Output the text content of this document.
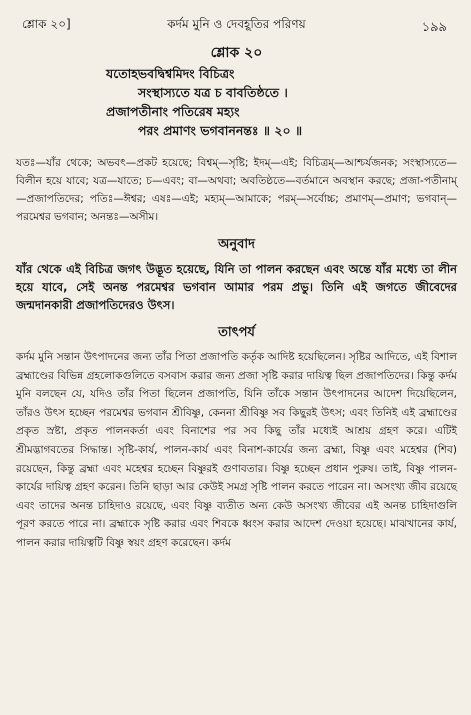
শ্লোক ২০]	কর্দম মুনি ও দেবহূতির পরিণয়	১৯৯
শ্লোক ২০
যতোহভবদ্বিশ্বমিদং বিচিত্রং
সংস্থাস্যতে যত্র চ বাবতিষ্ঠতে ।
প্রজাপতীনাং পতিরেষ মহ্যং
পরং প্রমাণং ভগবাননন্তঃ ॥ ২০ ॥

যতঃ—যাঁর থেকে; অভবৎ—প্রকট হয়েছে; বিশ্বম্—সৃষ্টি; ইদম্—এই; বিচিত্রম্—আশ্চর্যজনক; সংস্থাস্যতে—বিলীন হয়ে যাবে; যত্র—যাতে; চ—এবং; বা—অথবা; অবতিষ্ঠতে—বর্তমানে অবস্থান করছে; প্রজা-পতীনাম্—প্রজাপতিদের; পতিঃ—ঈশ্বর; এষঃ—এই; মহ্যম্—আমাকে; পরম্—সর্বোচ্চ; প্রমাণম্—প্রমাণ; ভগবান্—পরমেশ্বর ভগবান; অনন্তঃ—অসীম।

অনুবাদ

যাঁর থেকে এই বিচিত্র জগৎ উদ্ভূত হয়েছে, যিনি তা পালন করছেন এবং অন্তে যাঁর মধ্যে তা লীন হয়ে যাবে, সেই অনন্ত পরমেশ্বর ভগবান আমার পরম প্রভু। তিনি এই জগতে জীবেদের জন্মদানকারী প্রজাপতিদেরও উৎস।

তাৎপর্য

কর্দম মুনি সন্তান উৎপাদনের জন্য তাঁর পিতা প্রজাপতি কর্তৃক আদিষ্ট হয়েছিলেন। সৃষ্টির আদিতে, এই বিশাল ব্রহ্মাণ্ডের বিভিন্ন গ্রহলোকগুলিতে বসবাস করার জন্য প্রজা সৃষ্টি করার দায়িত্ব ছিল প্রজাপতিদের। কিন্তু কর্দম মুনি বলছেন যে, যদিও তাঁর পিতা ছিলেন প্রজাপতি, যিনি তাঁকে সন্তান উৎপাদনের আদেশ দিয়েছিলেন, তাঁরও উৎস হচ্ছেন পরমেশ্বর ভগবান শ্রীবিষ্ণু, কেননা শ্রীবিষ্ণু সব কিছুরই উৎস; এবং তিনিই এই ব্রহ্মাণ্ডের প্রকৃত স্রষ্টা, প্রকৃত পালনকর্তা এবং বিনাশের পর সব কিছু তাঁর মধ্যেই আশ্রয় গ্রহণ করে। এটিই শ্রীমদ্ভাগবতের সিদ্ধান্ত। সৃষ্টি-কার্য, পালন-কার্য এবং বিনাশ-কার্যের জন্য ব্রহ্মা, বিষ্ণু এবং মহেশ্বর (শিব) রয়েছেন, কিন্তু ব্রহ্মা এবং মহেশ্বর হচ্ছেন বিষ্ণুরই গুণাবতার। বিষ্ণু হচ্ছেন প্রধান পুরুষ। তাই, বিষ্ণু পালন-কার্যের দায়িত্ব গ্রহণ করেন। তিনি ছাড়া আর কেউই সমগ্র সৃষ্টি পালন করতে পারেন না। অসংখ্য জীব রয়েছে এবং তাদের অনন্ত চাহিদাও রয়েছে, এবং বিষ্ণু ব্যতীত অন্য কেউ অসংখ্য জীবের এই অনন্ত চাহিদাগুলি পূরণ করতে পারে না। ব্রহ্মাকে সৃষ্টি করার এবং শিবকে ধ্বংস করার আদেশ দেওয়া হয়েছে। মাঝখানের কার্য, পালন করার দায়িত্বটি বিষ্ণু স্বয়ং গ্রহণ করেছেন। কর্দম
